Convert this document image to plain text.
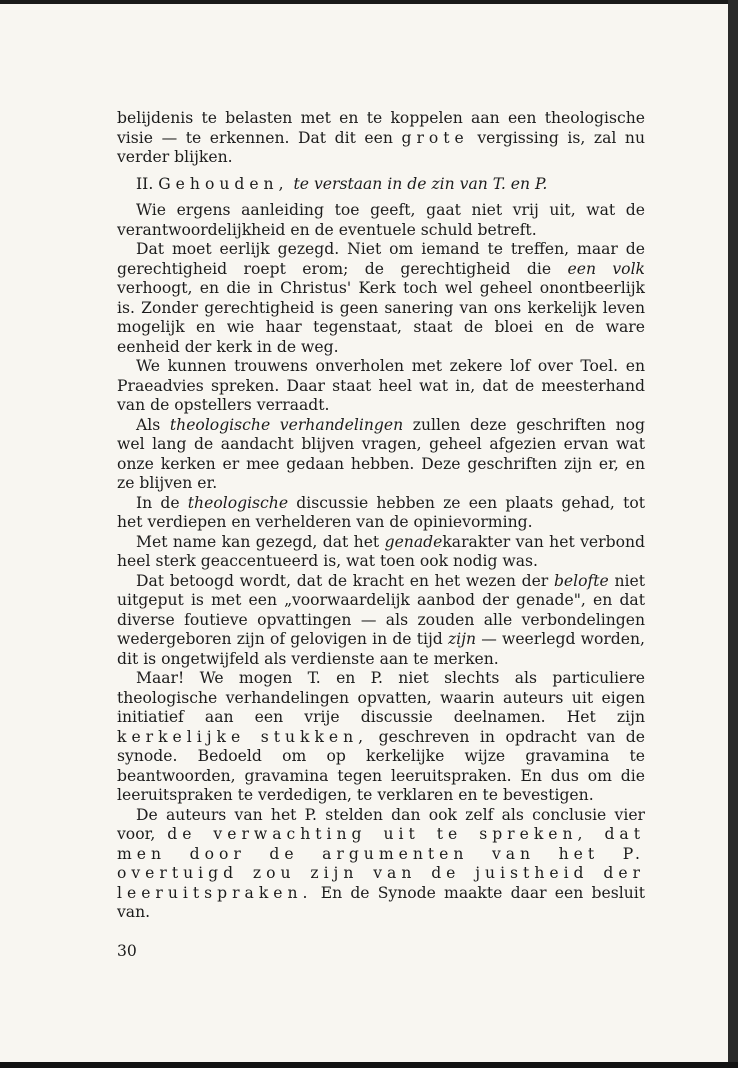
belijdenis te belasten met en te koppelen aan een theologische visie — te erkennen. Dat dit een grote vergissing is, zal nu verder blijken.

II. Gehouden, te verstaan in de zin van T. en P.

Wie ergens aanleiding toe geeft, gaat niet vrij uit, wat de verantwoordelijkheid en de eventuele schuld betreft.

Dat moet eerlijk gezegd. Niet om iemand te treffen, maar de gerechtigheid roept erom; de gerechtigheid die een volk verhoogt, en die in Christus' Kerk toch wel geheel onontbeerlijk is. Zonder gerechtigheid is geen sanering van ons kerkelijk leven mogelijk en wie haar tegenstaat, staat de bloei en de ware eenheid der kerk in de weg.

We kunnen trouwens onverholen met zekere lof over Toel. en Praeadvies spreken. Daar staat heel wat in, dat de meesterhand van de opstellers verraadt.

Als theologische verhandelingen zullen deze geschriften nog wel lang de aandacht blijven vragen, geheel afgezien ervan wat onze kerken er mee gedaan hebben. Deze geschriften zijn er, en ze blijven er.

In de theologische discussie hebben ze een plaats gehad, tot het verdiepen en verhelderen van de opinievorming.

Met name kan gezegd, dat het genadekarakter van het verbond heel sterk geaccentueerd is, wat toen ook nodig was.

Dat betoogd wordt, dat de kracht en het wezen der belofte niet uitgeput is met een „voorwaardelijk aanbod der genade", en dat diverse foutieve opvattingen — als zouden alle verbondelingen wedergeboren zijn of gelovigen in de tijd zijn — weerlegd worden, dit is ongetwijfeld als verdienste aan te merken.

Maar! We mogen T. en P. niet slechts als particuliere theologische verhandelingen opvatten, waarin auteurs uit eigen initiatief aan een vrije discussie deelnamen. Het zijn kerkelijke stukken, geschreven in opdracht van de synode. Bedoeld om op kerkelijke wijze gravamina te beantwoorden, gravamina tegen leeruitspraken. En dus om die leeruitspraken te verdedigen, te verklaren en te bevestigen.

De auteurs van het P. stelden dan ook zelf als conclusie vier voor, de verwachting uit te spreken, dat men door de argumenten van het P. overtuigd zou zijn van de juistheid der leeruitspraken. En de Synode maakte daar een besluit van.

30
